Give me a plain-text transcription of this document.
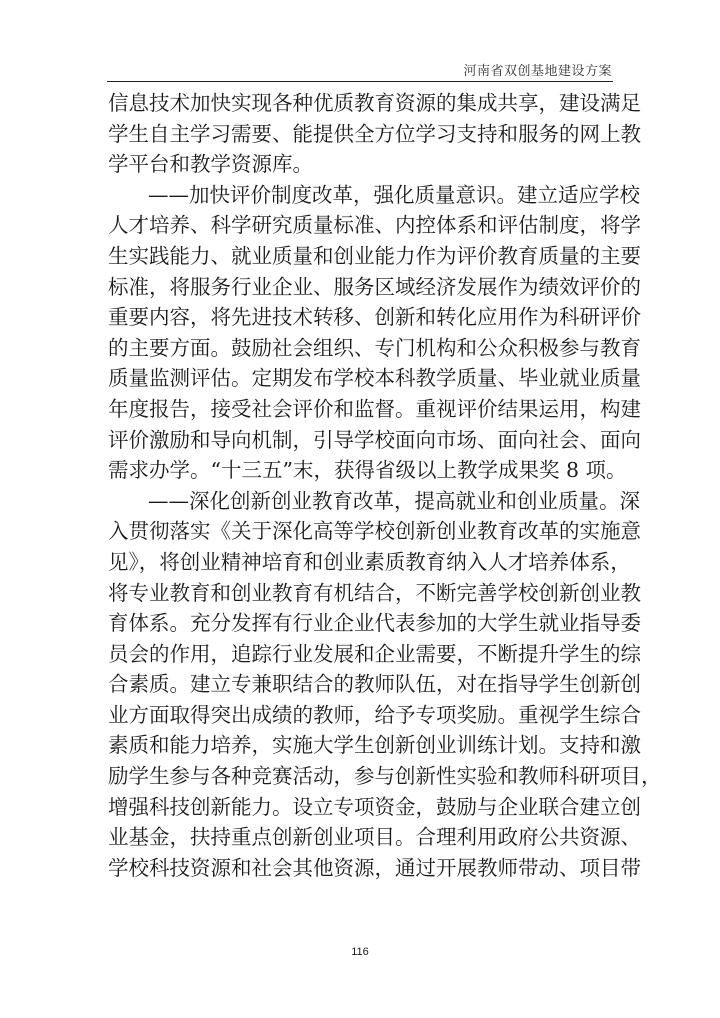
河南省双创基地建设方案
信息技术加快实现各种优质教育资源的集成共享，建设满足
学生自主学习需要、能提供全方位学习支持和服务的网上教
学平台和教学资源库。
——加快评价制度改革，强化质量意识。建立适应学校
人才培养、科学研究质量标准、内控体系和评估制度，将学
生实践能力、就业质量和创业能力作为评价教育质量的主要
标准，将服务行业企业、服务区域经济发展作为绩效评价的
重要内容，将先进技术转移、创新和转化应用作为科研评价
的主要方面。鼓励社会组织、专门机构和公众积极参与教育
质量监测评估。定期发布学校本科教学质量、毕业就业质量
年度报告，接受社会评价和监督。重视评价结果运用，构建
评价激励和导向机制，引导学校面向市场、面向社会、面向
需求办学。“十三五”末，获得省级以上教学成果奖 8 项。
——深化创新创业教育改革，提高就业和创业质量。深
入贯彻落实《关于深化高等学校创新创业教育改革的实施意
见》，将创业精神培育和创业素质教育纳入人才培养体系，
将专业教育和创业教育有机结合，不断完善学校创新创业教
育体系。充分发挥有行业企业代表参加的大学生就业指导委
员会的作用，追踪行业发展和企业需要，不断提升学生的综
合素质。建立专兼职结合的教师队伍，对在指导学生创新创
业方面取得突出成绩的教师，给予专项奖励。重视学生综合
素质和能力培养，实施大学生创新创业训练计划。支持和激
励学生参与各种竞赛活动，参与创新性实验和教师科研项目，
增强科技创新能力。设立专项资金，鼓励与企业联合建立创
业基金，扶持重点创新创业项目。合理利用政府公共资源、
学校科技资源和社会其他资源，通过开展教师带动、项目带
116
